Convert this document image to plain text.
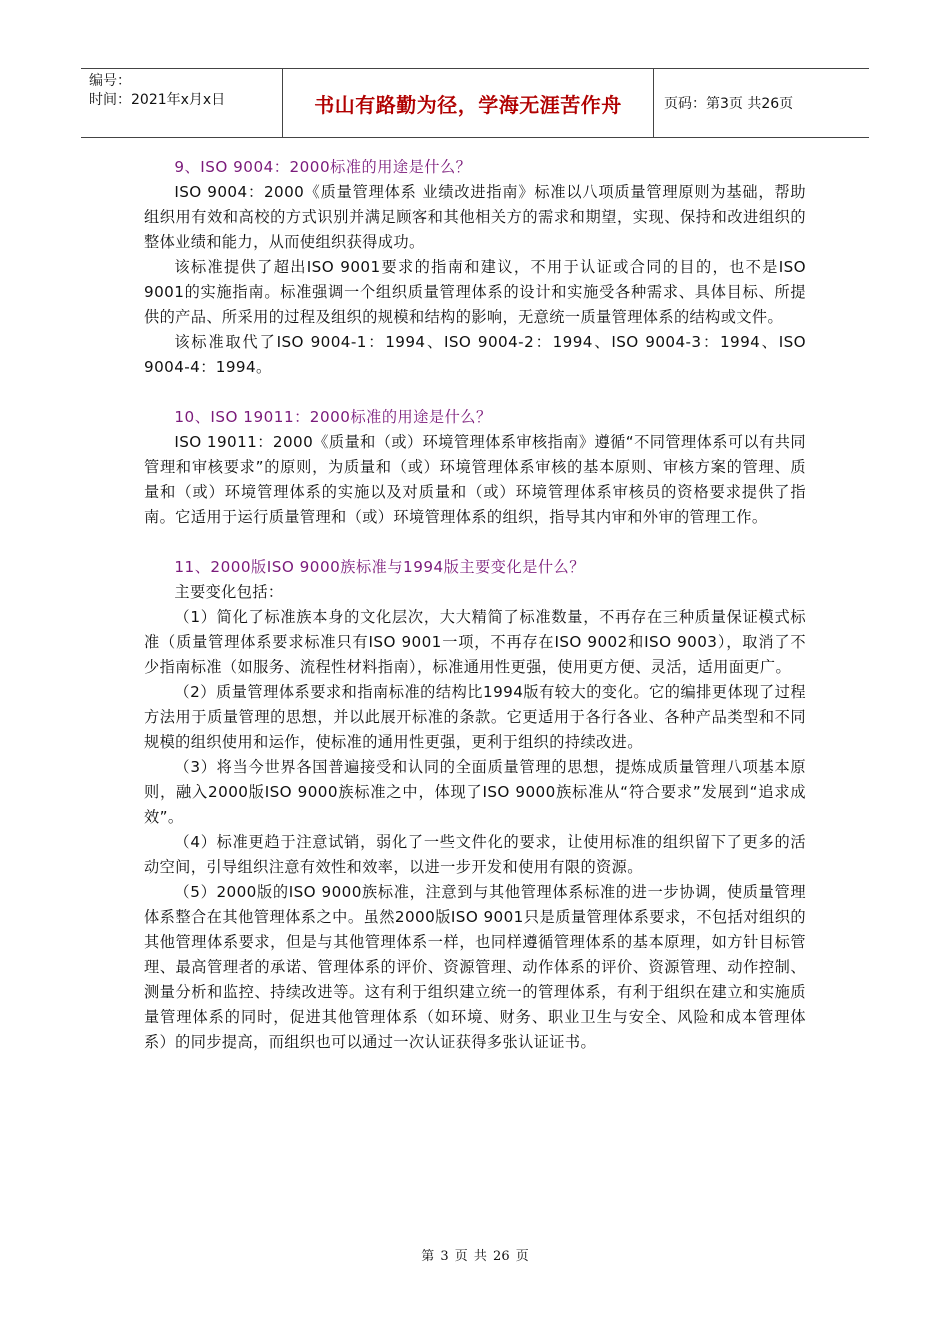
编号：
时间：2021年x月x日	书山有路勤为径，学海无涯苦作舟	页码：第3页 共26页
9、ISO 9004：2000标准的用途是什么？

ISO 9004：2000《质量管理体系 业绩改进指南》标准以八项质量管理原则为基础，帮助组织用有效和高校的方式识别并满足顾客和其他相关方的需求和期望，实现、保持和改进组织的整体业绩和能力，从而使组织获得成功。

该标准提供了超出ISO 9001要求的指南和建议，不用于认证或合同的目的，也不是ISO 9001的实施指南。标准强调一个组织质量管理体系的设计和实施受各种需求、具体目标、所提供的产品、所采用的过程及组织的规模和结构的影响，无意统一质量管理体系的结构或文件。

该标准取代了ISO 9004-1：1994、ISO 9004-2：1994、ISO 9004-3：1994、ISO 9004-4：1994。

10、ISO 19011：2000标准的用途是什么？

ISO 19011：2000《质量和（或）环境管理体系审核指南》遵循“不同管理体系可以有共同管理和审核要求”的原则，为质量和（或）环境管理体系审核的基本原则、审核方案的管理、质量和（或）环境管理体系的实施以及对质量和（或）环境管理体系审核员的资格要求提供了指南。它适用于运行质量管理和（或）环境管理体系的组织，指导其内审和外审的管理工作。

11、2000版ISO 9000族标准与1994版主要变化是什么？

主要变化包括：

（1）简化了标准族本身的文化层次，大大精简了标准数量，不再存在三种质量保证模式标准（质量管理体系要求标准只有ISO 9001一项，不再存在ISO 9002和ISO 9003），取消了不少指南标准（如服务、流程性材料指南），标准通用性更强，使用更方便、灵活，适用面更广。

（2）质量管理体系要求和指南标准的结构比1994版有较大的变化。它的编排更体现了过程方法用于质量管理的思想，并以此展开标准的条款。它更适用于各行各业、各种产品类型和不同规模的组织使用和运作，使标准的通用性更强，更利于组织的持续改进。

（3）将当今世界各国普遍接受和认同的全面质量管理的思想，提炼成质量管理八项基本原则，融入2000版ISO 9000族标准之中，体现了ISO 9000族标准从“符合要求”发展到“追求成效”。

（4）标准更趋于注意试销，弱化了一些文件化的要求，让使用标准的组织留下了更多的活动空间，引导组织注意有效性和效率，以进一步开发和使用有限的资源。

（5）2000版的ISO 9000族标准，注意到与其他管理体系标准的进一步协调，使质量管理体系整合在其他管理体系之中。虽然2000版ISO 9001只是质量管理体系要求，不包括对组织的其他管理体系要求，但是与其他管理体系一样，也同样遵循管理体系的基本原理，如方针目标管理、最高管理者的承诺、管理体系的评价、资源管理、动作体系的评价、资源管理、动作控制、测量分析和监控、持续改进等。这有利于组织建立统一的管理体系，有利于组织在建立和实施质量管理体系的同时，促进其他管理体系（如环境、财务、职业卫生与安全、风险和成本管理体系）的同步提高，而组织也可以通过一次认证获得多张认证证书。

第 3 页 共 26 页
